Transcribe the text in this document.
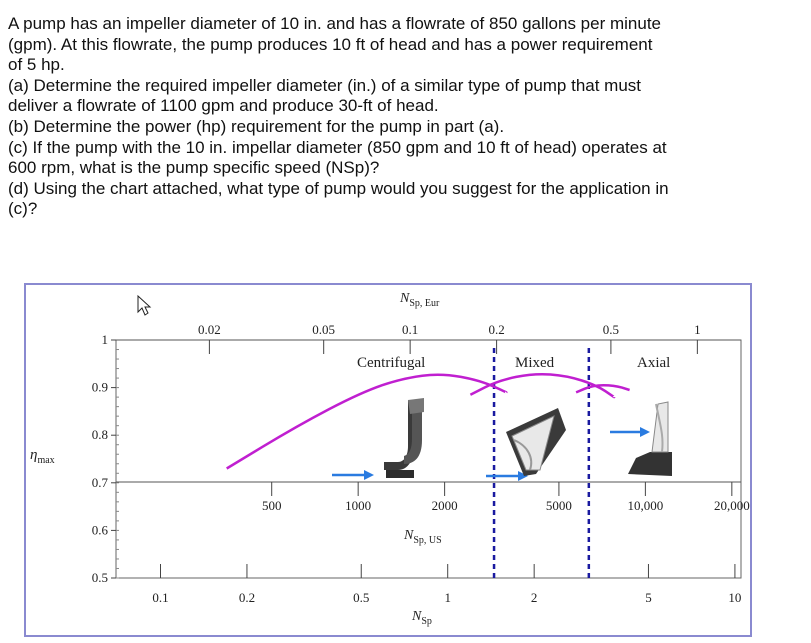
A pump has an impeller diameter of 10 in. and has a flowrate of 850 gallons per minute
(gpm). At this flowrate, the pump produces 10 ft of head and has a power requirement
of 5 hp.
(a) Determine the required impeller diameter (in.) of a similar type of pump that must
deliver a flowrate of 1100 gpm and produce 30-ft of head.
(b) Determine the power (hp) requirement for the pump in part (a).
(c) If the pump with the 10 in. impellar diameter (850 gpm and 10 ft of head) operates at
600 rpm, what is the pump specific speed (NSp)?
(d) Using the chart attached, what type of pump would you suggest for the application in
(c)?
1
0.9
0.8
0.7
0.6
0.5
0.02	0.05	0.1	0.2	0.5	1
500	1000	2000	5000	10,000	20,000
0.1	0.2	0.5	1	2	5	10
$\eta_{max}$
$N_{Sp, Eur}$
$N_{Sp, US}$
$N_{Sp}$
Centrifugal	Mixed	Axial
